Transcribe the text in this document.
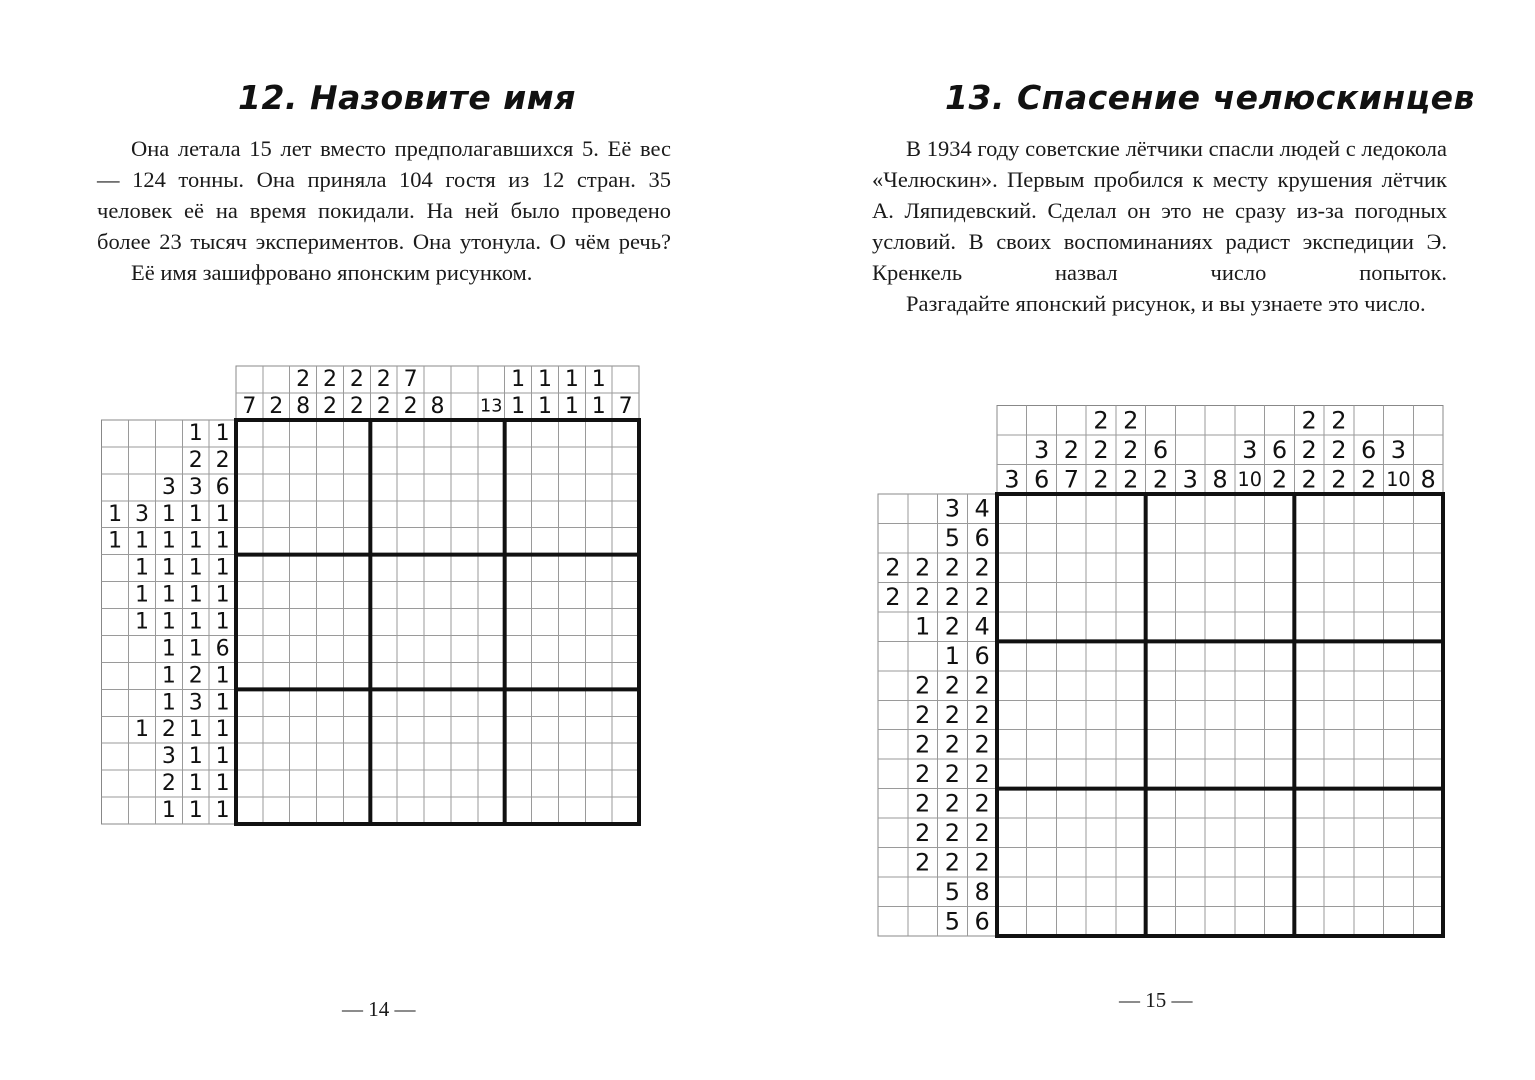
12. Назовите имя

Она летала 15 лет вместо предполагавшихся 5. Её вес — 124 тонны. Она приняла 104 гостя из 12 стран. 35 человек её на время покидали. На ней было проведено более 23 тысяч экспериментов. Она утонула. О чём речь?

Её имя зашифровано японским рисунком.

7 2
2
8
2
2
2
2
2
2
7
2 8 13
1
1
1
1
1
1
1
1 7
1 1
2 2
3 3 6
1 3 1 1 1
1 1 1 1 1
1 1 1 1
1 1 1 1
1 1 1 1
1 1 6
1 2 1
1 3 1
1 2 1 1
3 1 1
2 1 1
1 1 1

— 14 —

13. Спасение челюскинцев

В 1934 году советские лётчики спасли людей с ледокола «Челюскин». Первым пробился к месту крушения лётчик А. Ляпидевский. Сделал он это не сразу из-за погодных условий. В своих воспоминаниях радист экспедиции Э. Кренкель назвал число попыток.

Разгадайте японский рисунок, и вы узнаете это число.

3
3
6
2
7
2
2
2
2
2
2
6
2 3 8
3
10
6
2
2
2
2
2
2
2
6
2
3
10 8
3 4
5 6
2 2 2 2
2 2 2 2
1 2 4
1 6
2 2 2
2 2 2
2 2 2
2 2 2
2 2 2
2 2 2
2 2 2
5 8
5 6

— 15 —
